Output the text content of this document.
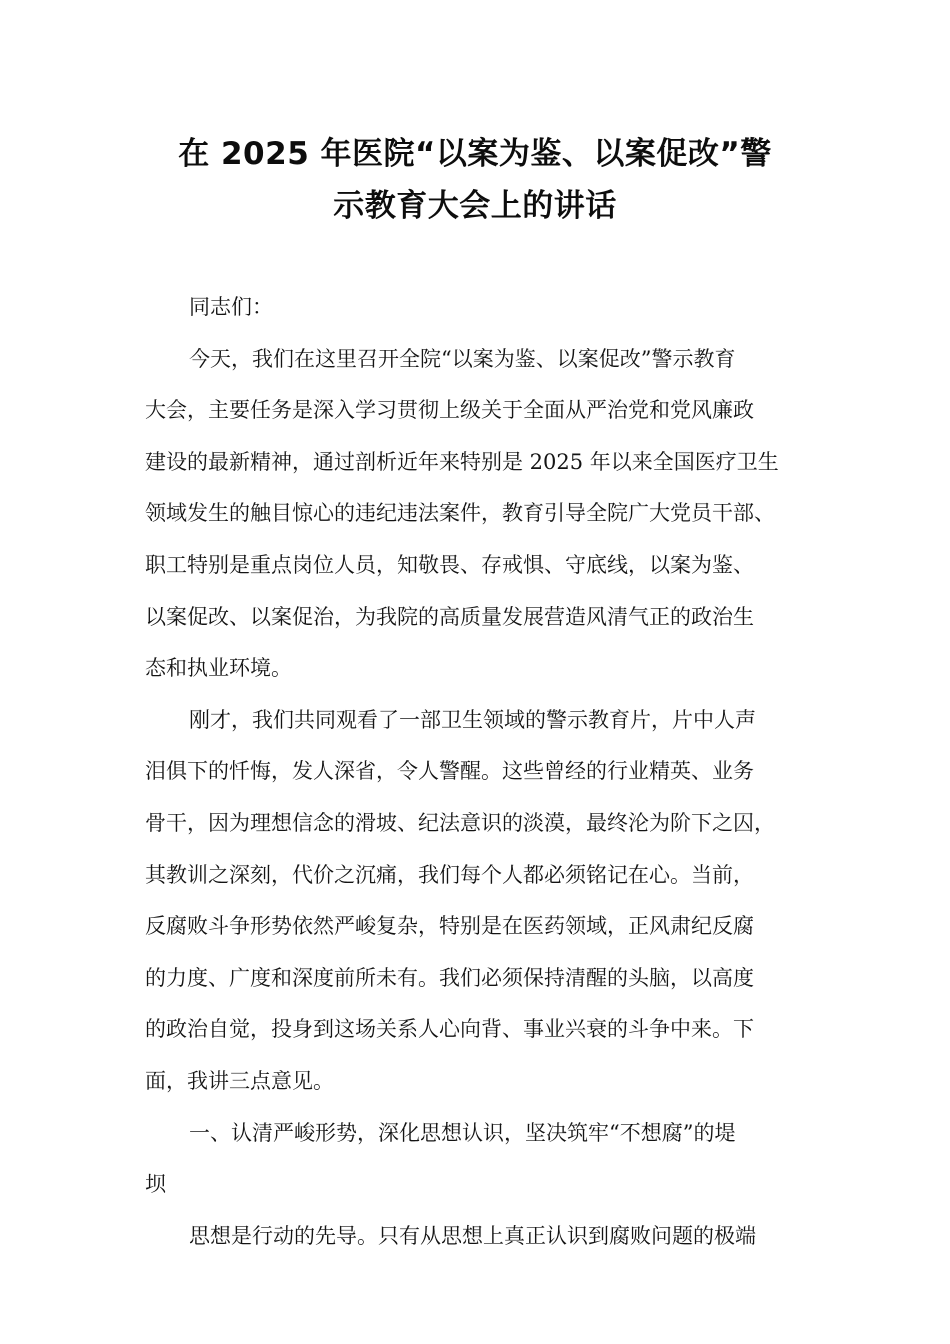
在 2025 年医院“以案为鉴、以案促改”警
示教育大会上的讲话
同志们：
今天，我们在这里召开全院“以案为鉴、以案促改”警示教育
大会，主要任务是深入学习贯彻上级关于全面从严治党和党风廉政
建设的最新精神，通过剖析近年来特别是 2025 年以来全国医疗卫生
领域发生的触目惊心的违纪违法案件，教育引导全院广大党员干部、
职工特别是重点岗位人员，知敬畏、存戒惧、守底线，以案为鉴、
以案促改、以案促治，为我院的高质量发展营造风清气正的政治生
态和执业环境。
刚才，我们共同观看了一部卫生领域的警示教育片，片中人声
泪俱下的忏悔，发人深省，令人警醒。这些曾经的行业精英、业务
骨干，因为理想信念的滑坡、纪法意识的淡漠，最终沦为阶下之囚，
其教训之深刻，代价之沉痛，我们每个人都必须铭记在心。当前，
反腐败斗争形势依然严峻复杂，特别是在医药领域，正风肃纪反腐
的力度、广度和深度前所未有。我们必须保持清醒的头脑，以高度
的政治自觉，投身到这场关系人心向背、事业兴衰的斗争中来。下
面，我讲三点意见。
一、认清严峻形势，深化思想认识，坚决筑牢“不想腐”的堤
坝
思想是行动的先导。只有从思想上真正认识到腐败问题的极端
